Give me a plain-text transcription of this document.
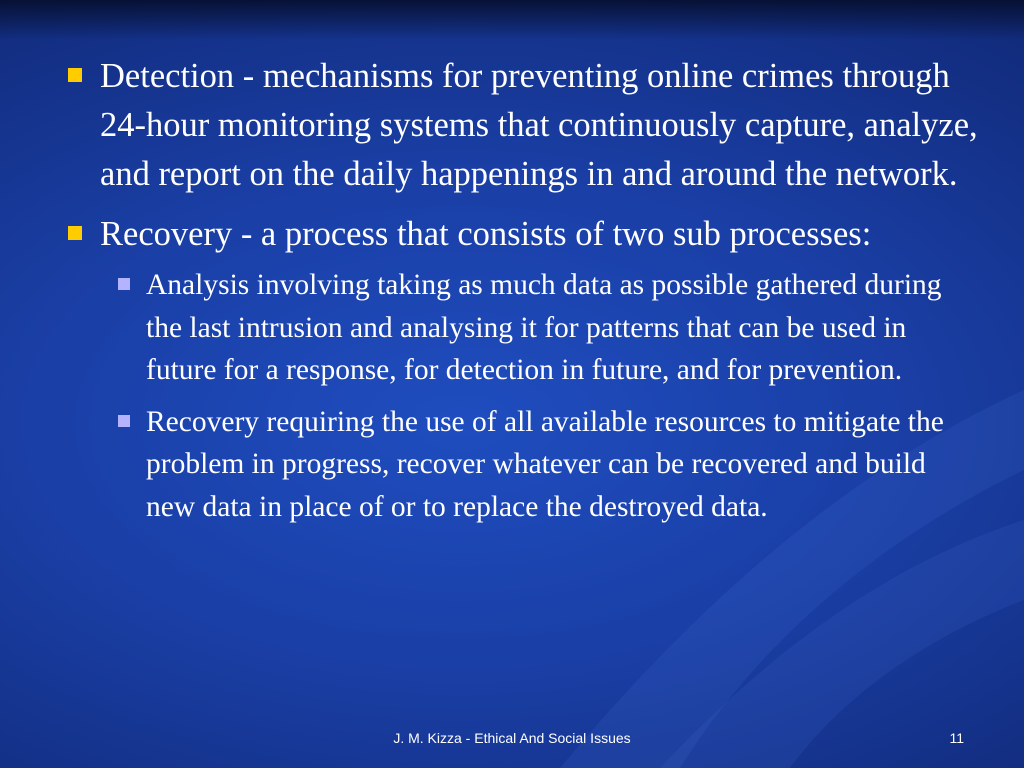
Detection - mechanisms for preventing online crimes through 24-hour monitoring systems that continuously capture, analyze, and report on the daily happenings in and around the network.
Recovery - a process that consists of two sub processes:
Analysis involving taking as much data as possible gathered during the last intrusion and analysing it for patterns that can be used in future for a response, for detection in future, and for prevention.
Recovery requiring the use of all available resources to mitigate the problem in progress, recover whatever can be recovered and build new data in place of or to replace the destroyed data.
J. M. Kizza - Ethical And Social Issues	11
